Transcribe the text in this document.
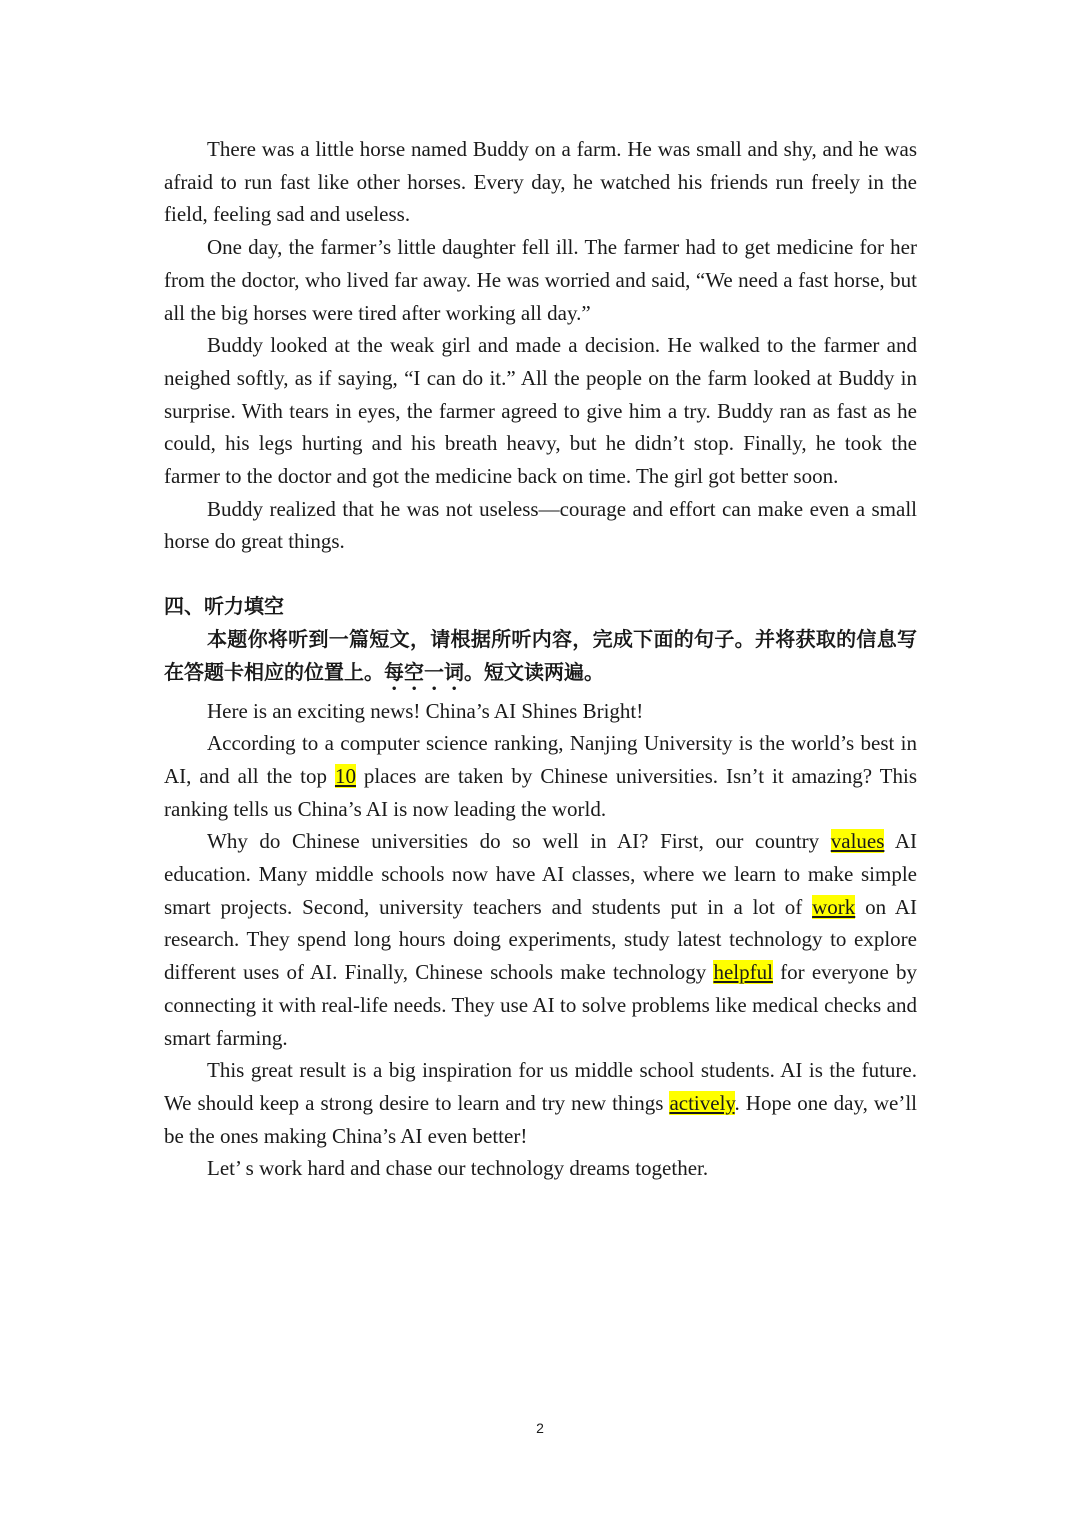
There was a little horse named Buddy on a farm. He was small and shy, and he was afraid to run fast like other horses. Every day, he watched his friends run freely in the field, feeling sad and useless.

One day, the farmer’s little daughter fell ill. The farmer had to get medicine for her from the doctor, who lived far away. He was worried and said, “We need a fast horse, but all the big horses were tired after working all day.”

Buddy looked at the weak girl and made a decision. He walked to the farmer and neighed softly, as if saying, “I can do it.” All the people on the farm looked at Buddy in surprise. With tears in eyes, the farmer agreed to give him a try. Buddy ran as fast as he could, his legs hurting and his breath heavy, but he didn’t stop. Finally, he took the farmer to the doctor and got the medicine back on time. The girl got better soon.

Buddy realized that he was not useless—courage and effort can make even a small horse do great things.

四、听力填空

本题你将听到一篇短文，请根据所听内容，完成下面的句子。并将获取的信息写在答题卡相应的位置上。每空一词。短文读两遍。

Here is an exciting news! China’s AI Shines Bright!

According to a computer science ranking, Nanjing University is the world’s best in AI, and all the top 10 places are taken by Chinese universities. Isn’t it amazing? This ranking tells us China’s AI is now leading the world.

Why do Chinese universities do so well in AI? First, our country values AI education. Many middle schools now have AI classes, where we learn to make simple smart projects. Second, university teachers and students put in a lot of work on AI research. They spend long hours doing experiments, study latest technology to explore different uses of AI. Finally, Chinese schools make technology helpful for everyone by connecting it with real-life needs. They use AI to solve problems like medical checks and smart farming.

This great result is a big inspiration for us middle school students. AI is the future. We should keep a strong desire to learn and try new things actively. Hope one day, we’ll be the ones making China’s AI even better!

Let’ s work hard and chase our technology dreams together.

2
